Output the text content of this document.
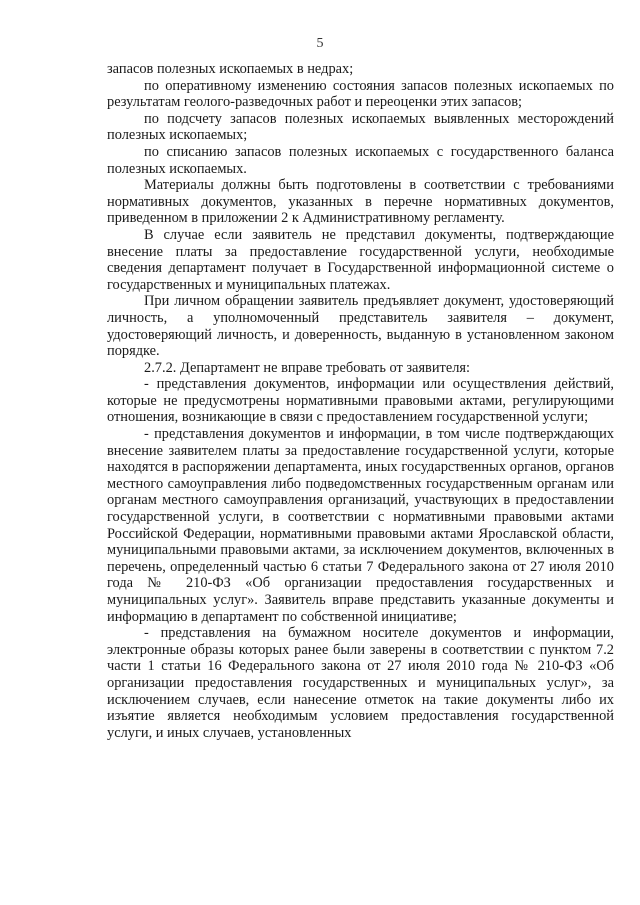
5

запасов полезных ископаемых в недрах;

по оперативному изменению состояния запасов полезных ископаемых по результатам геолого-разведочных работ и переоценки этих запасов;

по подсчету запасов полезных ископаемых выявленных месторождений полезных ископаемых;

по списанию запасов полезных ископаемых с государственного баланса полезных ископаемых.

Материалы должны быть подготовлены в соответствии с требованиями нормативных документов, указанных в перечне нормативных документов, приведенном в приложении 2 к Административному регламенту.

В случае если заявитель не представил документы, подтверждающие внесение платы за предоставление государственной услуги, необходимые сведения департамент получает в Государственной информационной системе о государственных и муниципальных платежах.

При личном обращении заявитель предъявляет документ, удостоверяющий личность, а уполномоченный представитель заявителя – документ, удостоверяющий личность, и доверенность, выданную в установленном законом порядке.

2.7.2. Департамент не вправе требовать от заявителя:

- представления документов, информации или осуществления действий, которые не предусмотрены нормативными правовыми актами, регулирующими отношения, возникающие в связи с предоставлением государственной услуги;

- представления документов и информации, в том числе подтверждающих внесение заявителем платы за предоставление государственной услуги, которые находятся в распоряжении департамента, иных государственных органов, органов местного самоуправления либо подведомственных государственным органам или органам местного самоуправления организаций, участвующих в предоставлении государственной услуги, в соответствии с нормативными правовыми актами Российской Федерации, нормативными правовыми актами Ярославской области, муниципальными правовыми актами, за исключением документов, включенных в перечень, определенный частью 6 статьи 7 Федерального закона от 27 июля 2010 года № 210-ФЗ «Об организации предоставления государственных и муниципальных услуг». Заявитель вправе представить указанные документы и информацию в департамент по собственной инициативе;

- представления на бумажном носителе документов и информации, электронные образы которых ранее были заверены в соответствии с пунктом 7.2 части 1 статьи 16 Федерального закона от 27 июля 2010 года № 210-ФЗ «Об организации предоставления государственных и муниципальных услуг», за исключением случаев, если нанесение отметок на такие документы либо их изъятие является необходимым условием предоставления государственной услуги, и иных случаев, установленных
